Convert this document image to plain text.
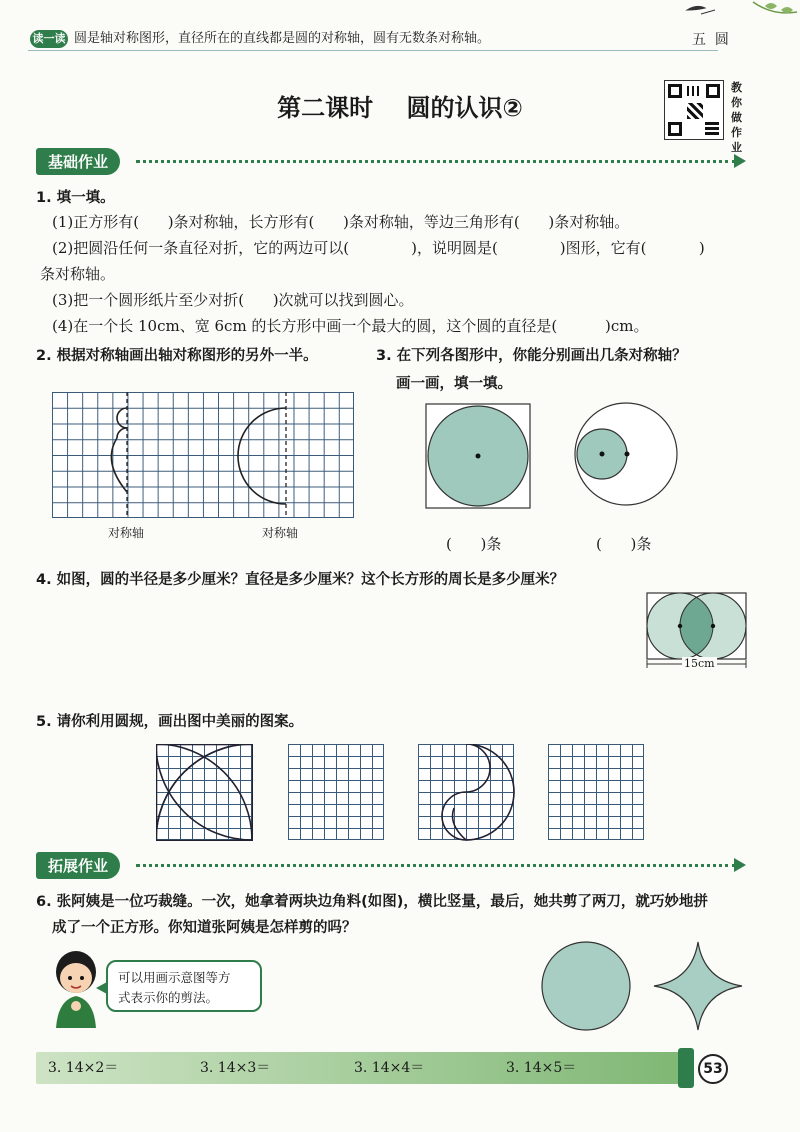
读一读 圆是轴对称图形，直径所在的直线都是圆的对称轴，圆有无数条对称轴。	五  圆
第二课时    圆的认识②
教你做作业
基础作业
1. 填一填。
(1)正方形有(      )条对称轴，长方形有(      )条对称轴，等边三角形有(      )条对称轴。
(2)把圆沿任何一条直径对折，它的两边可以(             )，说明圆是(             )图形，它有(           )
条对称轴。
(3)把一个圆形纸片至少对折(      )次就可以找到圆心。
(4)在一个长 10cm、宽 6cm 的长方形中画一个最大的圆，这个圆的直径是(          )cm。
2. 根据对称轴画出轴对称图形的另外一半。
对称轴	对称轴
3. 在下列各图形中，你能分别画出几条对称轴？
画一画，填一填。
(      )条	(      )条
4. 如图，圆的半径是多少厘米？直径是多少厘米？这个长方形的周长是多少厘米？
15cm
5. 请你利用圆规，画出图中美丽的图案。
拓展作业
6. 张阿姨是一位巧裁缝。一次，她拿着两块边角料(如图)，横比竖量，最后，她共剪了两刀，就巧妙地拼
成了一个正方形。你知道张阿姨是怎样剪的吗？
可以用画示意图等方
式表示你的剪法。
3. 14×2＝	3. 14×3＝	3. 14×4＝	3. 14×5＝	53
